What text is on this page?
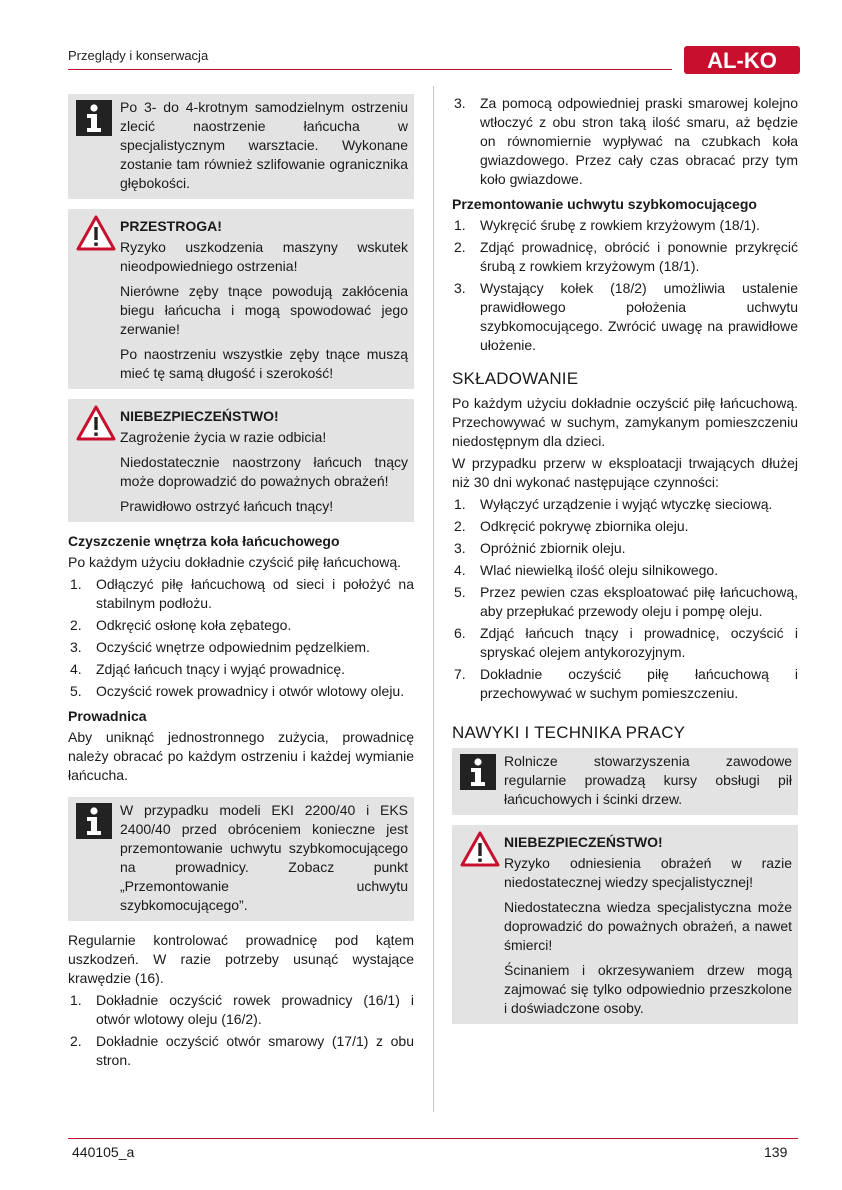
Przeglądy i konserwacja	AL-KO

Po 3- do 4-krotnym samodzielnym ostrzeniu zlecić naostrzenie łańcucha w specjalistycznym warsztacie. Wykonane zostanie tam również szlifowanie ogranicznika głębokości.

PRZESTROGA!

Ryzyko uszkodzenia maszyny wskutek nieodpowiedniego ostrzenia!

Nierówne zęby tnące powodują zakłócenia biegu łańcucha i mogą spowodować jego zerwanie!

Po naostrzeniu wszystkie zęby tnące muszą mieć tę samą długość i szerokość!

NIEBEZPIECZEŃSTWO!

Zagrożenie życia w razie odbicia!

Niedostatecznie naostrzony łańcuch tnący może doprowadzić do poważnych obrażeń!

Prawidłowo ostrzyć łańcuch tnący!

Czyszczenie wnętrza koła łańcuchowego

Po każdym użyciu dokładnie czyścić piłę łańcuchową.

1. Odłączyć piłę łańcuchową od sieci i położyć na stabilnym podłożu.
2. Odkręcić osłonę koła zębatego.
3. Oczyścić wnętrze odpowiednim pędzelkiem.
4. Zdjąć łańcuch tnący i wyjąć prowadnicę.
5. Oczyścić rowek prowadnicy i otwór wlotowy oleju.
Prowadnica

Aby uniknąć jednostronnego zużycia, prowadnicę należy obracać po każdym ostrzeniu i każdej wymianie łańcucha.

W przypadku modeli EKI 2200/40 i EKS 2400/40 przed obróceniem konieczne jest przemontowanie uchwytu szybkomocującego na prowadnicy. Zobacz punkt „Przemontowanie uchwytu szybkomocującego”.

Regularnie kontrolować prowadnicę pod kątem uszkodzeń. W razie potrzeby usunąć wystające krawędzie (16).

1. Dokładnie oczyścić rowek prowadnicy (16/1) i otwór wlotowy oleju (16/2).
2. Dokładnie oczyścić otwór smarowy (17/1) z obu stron.
3. Za pomocą odpowiedniej praski smarowej kolejno wtłoczyć z obu stron taką ilość smaru, aż będzie on równomiernie wypływać na czubkach koła gwiazdowego. Przez cały czas obracać przy tym koło gwiazdowe.
Przemontowanie uchwytu szybkomocującego
1. Wykręcić śrubę z rowkiem krzyżowym (18/1).
2. Zdjąć prowadnicę, obrócić i ponownie przykręcić śrubą z rowkiem krzyżowym (18/1).
3. Wystający kołek (18/2) umożliwia ustalenie prawidłowego położenia uchwytu szybkomocującego. Zwrócić uwagę na prawidłowe ułożenie.
SKŁADOWANIE

Po każdym użyciu dokładnie oczyścić piłę łańcuchową. Przechowywać w suchym, zamykanym pomieszczeniu niedostępnym dla dzieci.

W przypadku przerw w eksploatacji trwających dłużej niż 30 dni wykonać następujące czynności:

1. Wyłączyć urządzenie i wyjąć wtyczkę sieciową.
2. Odkręcić pokrywę zbiornika oleju.
3. Opróżnić zbiornik oleju.
4. Wlać niewielką ilość oleju silnikowego.
5. Przez pewien czas eksploatować piłę łańcuchową, aby przepłukać przewody oleju i pompę oleju.
6. Zdjąć łańcuch tnący i prowadnicę, oczyścić i spryskać olejem antykorozyjnym.
7. Dokładnie oczyścić piłę łańcuchową i przechowywać w suchym pomieszczeniu.
NAWYKI I TECHNIKA PRACY

Rolnicze stowarzyszenia zawodowe regularnie prowadzą kursy obsługi pił łańcuchowych i ścinki drzew.

NIEBEZPIECZEŃSTWO!

Ryzyko odniesienia obrażeń w razie niedostatecznej wiedzy specjalistycznej!

Niedostateczna wiedza specjalistyczna może doprowadzić do poważnych obrażeń, a nawet śmierci!

Ścinaniem i okrzesywaniem drzew mogą zajmować się tylko odpowiednio przeszkolone i doświadczone osoby.

440105_a	139
